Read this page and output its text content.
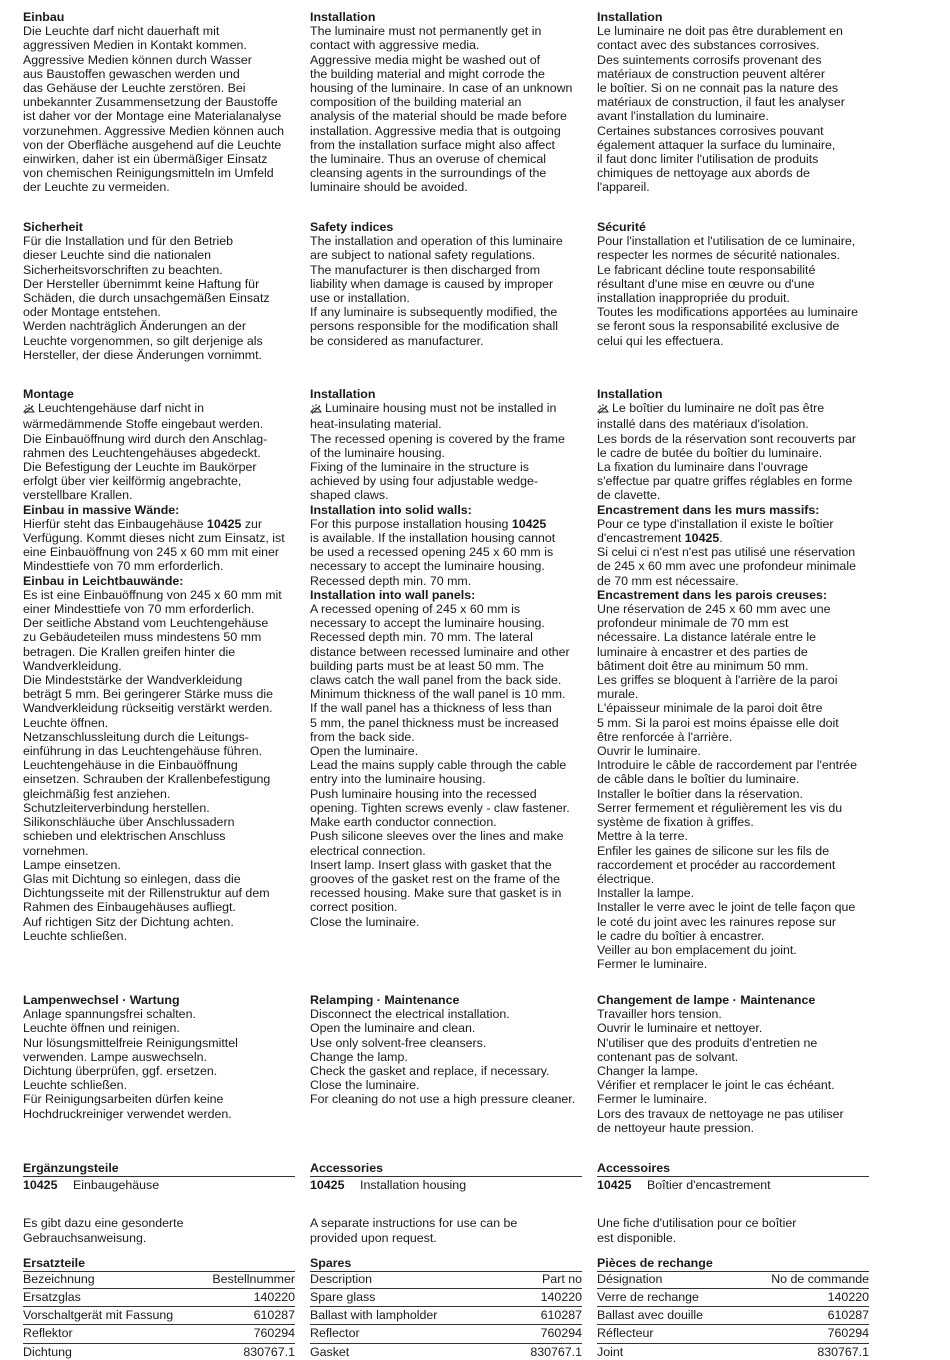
Einbau
Die Leuchte darf nicht dauerhaft mit
aggressiven Medien in Kontakt kommen.
Aggressive Medien können durch Wasser
aus Baustoffen gewaschen werden und
das Gehäuse der Leuchte zerstören. Bei
unbekannter Zusammensetzung der Baustoffe
ist daher vor der Montage eine Materialanalyse
vorzunehmen. Aggressive Medien können auch
von der Oberfläche ausgehend auf die Leuchte
einwirken, daher ist ein übermäßiger Einsatz
von chemischen Reinigungsmitteln im Umfeld
der Leuchte zu vermeiden.
Sicherheit
Für die Installation und für den Betrieb
dieser Leuchte sind die nationalen
Sicherheitsvorschriften zu beachten.
Der Hersteller übernimmt keine Haftung für
Schäden, die durch unsachgemäßen Einsatz
oder Montage entstehen.
Werden nachträglich Änderungen an der
Leuchte vorgenommen, so gilt derjenige als
Hersteller, der diese Änderungen vornimmt.
Lampenwechsel · Wartung
Anlage spannungsfrei schalten.
Leuchte öffnen und reinigen.
Nur lösungsmittelfreie Reinigungsmittel
verwenden. Lampe auswechseln.
Dichtung überprüfen, ggf. ersetzen.
Leuchte schließen.
Für Reinigungsarbeiten dürfen keine
Hochdruckreiniger verwendet werden.
Montage
Leuchtengehäuse darf nicht in
wärmedämmende Stoffe eingebaut werden.
Die Einbauöffnung wird durch den Anschlag-
rahmen des Leuchtengehäuses abgedeckt.
Die Befestigung der Leuchte im Baukörper
erfolgt über vier keilförmig angebrachte,
verstellbare Krallen.
Einbau in massive Wände:
Hierfür steht das Einbaugehäuse 10425 zur
Verfügung. Kommt dieses nicht zum Einsatz, ist
eine Einbauöffnung von 245 x 60 mm mit einer
Mindesttiefe von 70 mm erforderlich.
Einbau in Leichtbauwände:
Es ist eine Einbauöffnung von 245 x 60 mm mit
einer Mindesttiefe von 70 mm erforderlich.
Der seitliche Abstand vom Leuchtengehäuse
zu Gebäudeteilen muss mindestens 50 mm
betragen. Die Krallen greifen hinter die
Wandverkleidung.
Die Mindeststärke der Wandverkleidung
beträgt 5 mm. Bei geringerer Stärke muss die
Wandverkleidung rückseitig verstärkt werden.
Leuchte öffnen.
Netzanschlussleitung durch die Leitungs-
einführung in das Leuchtengehäuse führen.
Leuchtengehäuse in die Einbauöffnung
einsetzen. Schrauben der Krallenbefestigung
gleichmäßig fest anziehen.
Schutzleiterverbindung herstellen.
Silikonschläuche über Anschlussadern
schieben und elektrischen Anschluss
vornehmen.
Lampe einsetzen.
Glas mit Dichtung so einlegen, dass die
Dichtungsseite mit der Rillenstruktur auf dem
Rahmen des Einbaugehäuses aufliegt.
Auf richtigen Sitz der Dichtung achten.
Leuchte schließen.
Ergänzungsteile
10425	Einbaugehäuse
Es gibt dazu eine gesonderte
Gebrauchsanweisung.
Ersatzteile
Bezeichnung	Bestellnummer
Ersatzglas	140220
Vorschaltgerät mit Fassung	610287
Reflektor	760294
Dichtung	830767.1
Installation
The luminaire must not permanently get in
contact with aggressive media.
Aggressive media might be washed out of
the building material and might corrode the
housing of the luminaire. In case of an unknown
composition of the building material an
analysis of the material should be made before
installation. Aggressive media that is outgoing
from the installation surface might also affect
the luminaire. Thus an overuse of chemical
cleansing agents in the surroundings of the
luminaire should be avoided.
Safety indices
The installation and operation of this luminaire
are subject to national safety regulations.
The manufacturer is then discharged from
liability when damage is caused by improper
use or installation.
If any luminaire is subsequently modified, the
persons responsible for the modification shall
be considered as manufacturer.
Relamping · Maintenance
Disconnect the electrical installation.
Open the luminaire and clean.
Use only solvent-free cleansers.
Change the lamp.
Check the gasket and replace, if necessary.
Close the luminaire.
For cleaning do not use a high pressure cleaner.
Installation
Luminaire housing must not be installed in
heat-insulating material.
The recessed opening is covered by the frame
of the luminaire housing.
Fixing of the luminaire in the structure is
achieved by using four adjustable wedge-
shaped claws.
Installation into solid walls:
For this purpose installation housing 10425
is available. If the installation housing cannot
be used a recessed opening 245 x 60 mm is
necessary to accept the luminaire housing.
Recessed depth min. 70 mm.
Installation into wall panels:
A recessed opening of 245 x 60 mm is
necessary to accept the luminaire housing.
Recessed depth min. 70 mm. The lateral
distance between recessed luminaire and other
building parts must be at least 50 mm. The
claws catch the wall panel from the back side.
Minimum thickness of the wall panel is 10 mm.
If the wall panel has a thickness of less than
5 mm, the panel thickness must be increased
from the back side.
Open the luminaire.
Lead the mains supply cable through the cable
entry into the luminaire housing.
Push luminaire housing into the recessed
opening. Tighten screws evenly - claw fastener.
Make earth conductor connection.
Push silicone sleeves over the lines and make
electrical connection.
Insert lamp. Insert glass with gasket that the
grooves of the gasket rest on the frame of the
recessed housing. Make sure that gasket is in
correct position.
Close the luminaire.
Accessories
10425	Installation housing
A separate instructions for use can be
provided upon request.
Spares
Description	Part no
Spare glass	140220
Ballast with lampholder	610287
Reflector	760294
Gasket	830767.1
Installation
Le luminaire ne doit pas être durablement en
contact avec des substances corrosives.
Des suintements corrosifs provenant des
matériaux de construction peuvent altérer
le boîtier. Si on ne connait pas la nature des
matériaux de construction, il faut les analyser
avant l'installation du luminaire.
Certaines substances corrosives pouvant
également attaquer la surface du luminaire,
il faut donc limiter l'utilisation de produits
chimiques de nettoyage aux abords de
l'appareil.
Sécurité
Pour l'installation et l'utilisation de ce luminaire,
respecter les normes de sécurité nationales.
Le fabricant décline toute responsabilité
résultant d'une mise en œuvre ou d'une
installation inappropriée du produit.
Toutes les modifications apportées au luminaire
se feront sous la responsabilité exclusive de
celui qui les effectuera.
Changement de lampe · Maintenance
Travailler hors tension.
Ouvrir le luminaire et nettoyer.
N'utiliser que des produits d'entretien ne
contenant pas de solvant.
Changer la lampe.
Vérifier et remplacer le joint le cas échéant.
Fermer le luminaire.
Lors des travaux de nettoyage ne pas utiliser
de nettoyeur haute pression.
Installation
Le boîtier du luminaire ne doît pas être
installé dans des matériaux d'isolation.
Les bords de la réservation sont recouverts par
le cadre de butée du boîtier du luminaire.
La fixation du luminaire dans l'ouvrage
s'effectue par quatre griffes réglables en forme
de clavette.
Encastrement dans les murs massifs:
Pour ce type d'installation il existe le boîtier
d'encastrement 10425.
Si celui ci n'est n'est pas utilisé une réservation
de 245 x 60 mm avec une profondeur minimale
de 70 mm est nécessaire.
Encastrement dans les parois creuses:
Une réservation de 245 x 60 mm avec une
profondeur minimale de 70 mm est
nécessaire. La distance latérale entre le
luminaire à encastrer et des parties de
bâtiment doit être au minimum 50 mm.
Les griffes se bloquent à l'arrière de la paroi
murale.
L'épaisseur minimale de la paroi doit être
5 mm. Si la paroi est moins épaisse elle doit
être renforcée à l'arrière.
Ouvrir le luminaire.
Introduire le câble de raccordement par l'entrée
de câble dans le boîtier du luminaire.
Installer le boîtier dans la réservation.
Serrer fermement et régulièrement les vis du
système de fixation à griffes.
Mettre à la terre.
Enfiler les gaines de silicone sur les fils de
raccordement et procéder au raccordement
électrique.
Installer la lampe.
Installer le verre avec le joint de telle façon que
le coté du joint avec les rainures repose sur
le cadre du boîtier à encastrer.
Veiller au bon emplacement du joint.
Fermer le luminaire.
Accessoires
10425	Boîtier d'encastrement
Une fiche d'utilisation pour ce boîtier
est disponible.
Pièces de rechange
Désignation	No de commande
Verre de rechange	140220
Ballast avec douille	610287
Réflecteur	760294
Joint	830767.1
